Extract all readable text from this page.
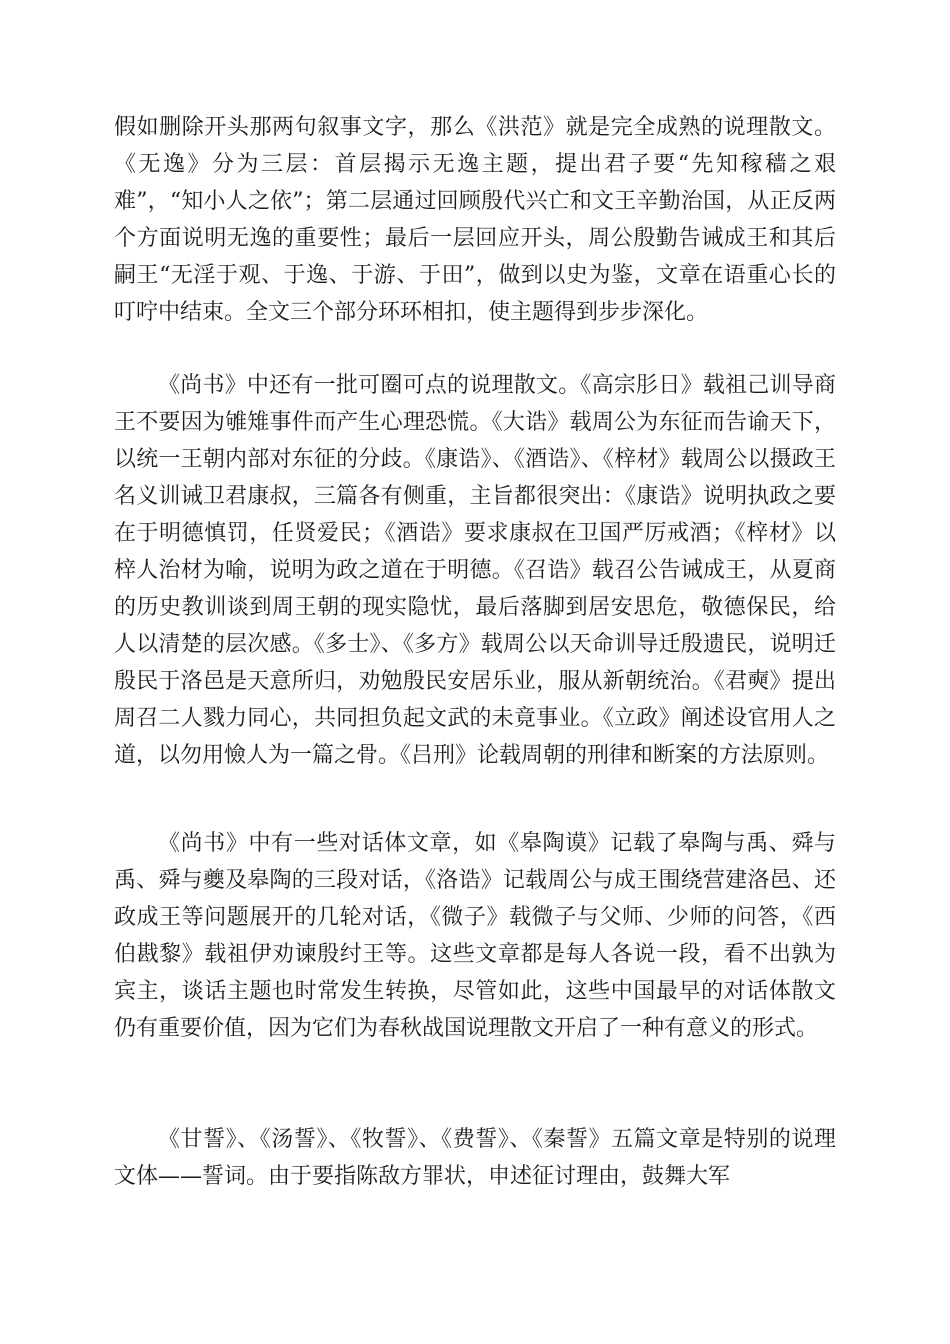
假如删除开头那两句叙事文字，那么《洪范》就是完全成熟的说理散文。《无逸》分为三层：首层揭示无逸主题，提出君子要“先知稼穑之艰难”，“知小人之依”；第二层通过回顾殷代兴亡和文王辛勤治国，从正反两个方面说明无逸的重要性；最后一层回应开头，周公殷勤告诫成王和其后嗣王“无淫于观、于逸、于游、于田”，做到以史为鉴，文章在语重心长的叮咛中结束。全文三个部分环环相扣，使主题得到步步深化。

《尚书》中还有一批可圈可点的说理散文。《高宗肜日》载祖己训导商王不要因为雊雉事件而产生心理恐慌。《大诰》载周公为东征而告谕天下，以统一王朝内部对东征的分歧。《康诰》、《酒诰》、《梓材》载周公以摄政王名义训诫卫君康叔，三篇各有侧重，主旨都很突出：《康诰》说明执政之要在于明德慎罚，任贤爱民；《酒诰》要求康叔在卫国严厉戒酒；《梓材》以梓人治材为喻，说明为政之道在于明德。《召诰》载召公告诫成王，从夏商的历史教训谈到周王朝的现实隐忧，最后落脚到居安思危，敬德保民，给人以清楚的层次感。《多士》、《多方》载周公以天命训导迁殷遗民，说明迁殷民于洛邑是天意所归，劝勉殷民安居乐业，服从新朝统治。《君奭》提出周召二人戮力同心，共同担负起文武的未竟事业。《立政》阐述设官用人之道，以勿用憸人为一篇之骨。《吕刑》论载周朝的刑律和断案的方法原则。

《尚书》中有一些对话体文章，如《皋陶谟》记载了皋陶与禹、舜与禹、舜与夔及皋陶的三段对话，《洛诰》记载周公与成王围绕营建洛邑、还政成王等问题展开的几轮对话，《微子》载微子与父师、少师的问答，《西伯戡黎》载祖伊劝谏殷纣王等。这些文章都是每人各说一段，看不出孰为宾主，谈话主题也时常发生转换，尽管如此，这些中国最早的对话体散文仍有重要价值，因为它们为春秋战国说理散文开启了一种有意义的形式。

《甘誓》、《汤誓》、《牧誓》、《费誓》、《秦誓》五篇文章是特别的说理文体——誓词。由于要指陈敌方罪状，申述征讨理由，鼓舞大军
